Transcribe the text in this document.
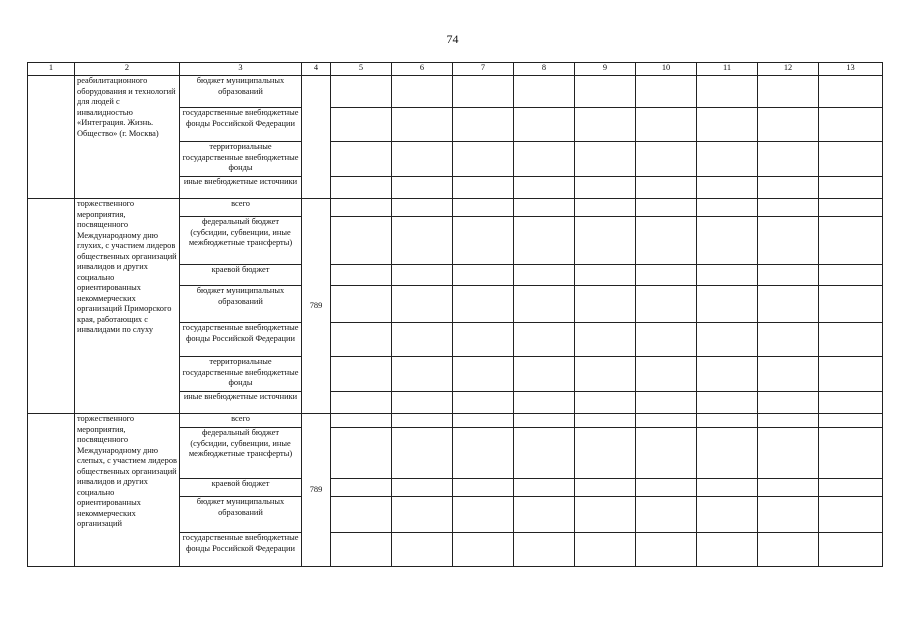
74
1	2	3	4	5	6	7	8	9	10	11	12	13
	реабилитационного оборудования и технологий для людей с инвалидностью «Интеграция. Жизнь. Общество» (г. Москва)	бюджет муниципальных образований										
		государственные внебюджетные фонды Российской Федерации										
		территориальные государственные внебюджетные фонды										
		иные внебюджетные источники										
	торжественного мероприятия, посвященного Международному дню глухих, с участием лидеров общественных организаций инвалидов и других социально ориентированных некоммерческих организаций Приморского края, работающих с инвалидами по слуху	всего	789									
		федеральный бюджет (субсидии, субвенции, иные межбюджетные трансферты)										
		краевой бюджет										
		бюджет муниципальных образований										
		государственные внебюджетные фонды Российской Федерации										
		территориальные государственные внебюджетные фонды										
		иные внебюджетные источники										
	торжественного мероприятия, посвященного Международному дню слепых, с участием лидеров общественных организаций инвалидов и других социально ориентированных некоммерческих организаций	всего	789									
		федеральный бюджет (субсидии, субвенции, иные межбюджетные трансферты)										
		краевой бюджет										
		бюджет муниципальных образований										
		государственные внебюджетные фонды Российской Федерации										
